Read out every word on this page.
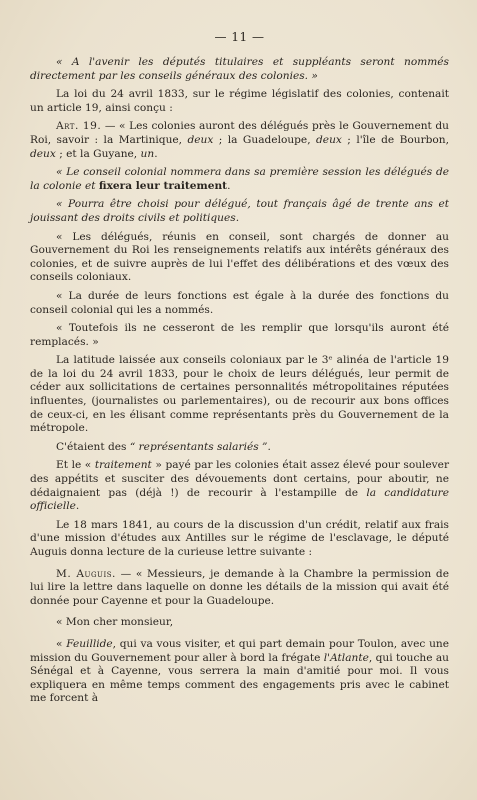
— 11 —

« A l'avenir les députés titulaires et suppléants seront nommés directement par les conseils généraux des colonies. »

La loi du 24 avril 1833, sur le régime législatif des colonies, contenait un article 19, ainsi conçu :

Art. 19. — « Les colonies auront des délégués près le Gouvernement du Roi, savoir : la Martinique, deux ; la Guadeloupe, deux ; l'île de Bourbon, deux ; et la Guyane, un.

« Le conseil colonial nommera dans sa première session les délégués de la colonie et fixera leur traitement.

« Pourra être choisi pour délégué, tout français âgé de trente ans et jouissant des droits civils et politiques.

« Les délégués, réunis en conseil, sont chargés de donner au Gouvernement du Roi les renseignements relatifs aux intérêts généraux des colonies, et de suivre auprès de lui l'effet des délibérations et des vœux des conseils coloniaux.

« La durée de leurs fonctions est égale à la durée des fonctions du conseil colonial qui les a nommés.

« Toutefois ils ne cesseront de les remplir que lorsqu'ils auront été remplacés. »

La latitude laissée aux conseils coloniaux par le 3ᵉ alinéa de l'article 19 de la loi du 24 avril 1833, pour le choix de leurs délégués, leur permit de céder aux sollicitations de certaines personnalités métropolitaines réputées influentes, (journalistes ou parlementaires), ou de recourir aux bons offices de ceux-ci, en les élisant comme représentants près du Gouvernement de la métropole.

C'étaient des “ représentants salariés ”.

Et le « traitement » payé par les colonies était assez élevé pour soulever des appétits et susciter des dévouements dont certains, pour aboutir, ne dédaignaient pas (déjà !) de recourir à l'estampille de la candidature officielle.

Le 18 mars 1841, au cours de la discussion d'un crédit, relatif aux frais d'une mission d'études aux Antilles sur le régime de l'esclavage, le député Auguis donna lecture de la curieuse lettre suivante :

M. Auguis. — « Messieurs, je demande à la Chambre la permission de lui lire la lettre dans laquelle on donne les détails de la mission qui avait été donnée pour Cayenne et pour la Guadeloupe.

« Mon cher monsieur,

« Feuillide, qui va vous visiter, et qui part demain pour Toulon, avec une mission du Gouvernement pour aller à bord la frégate l'Atlante, qui touche au Sénégal et à Cayenne, vous serrera la main d'amitié pour moi. Il vous expliquera en même temps comment des engagements pris avec le cabinet me forcent à
